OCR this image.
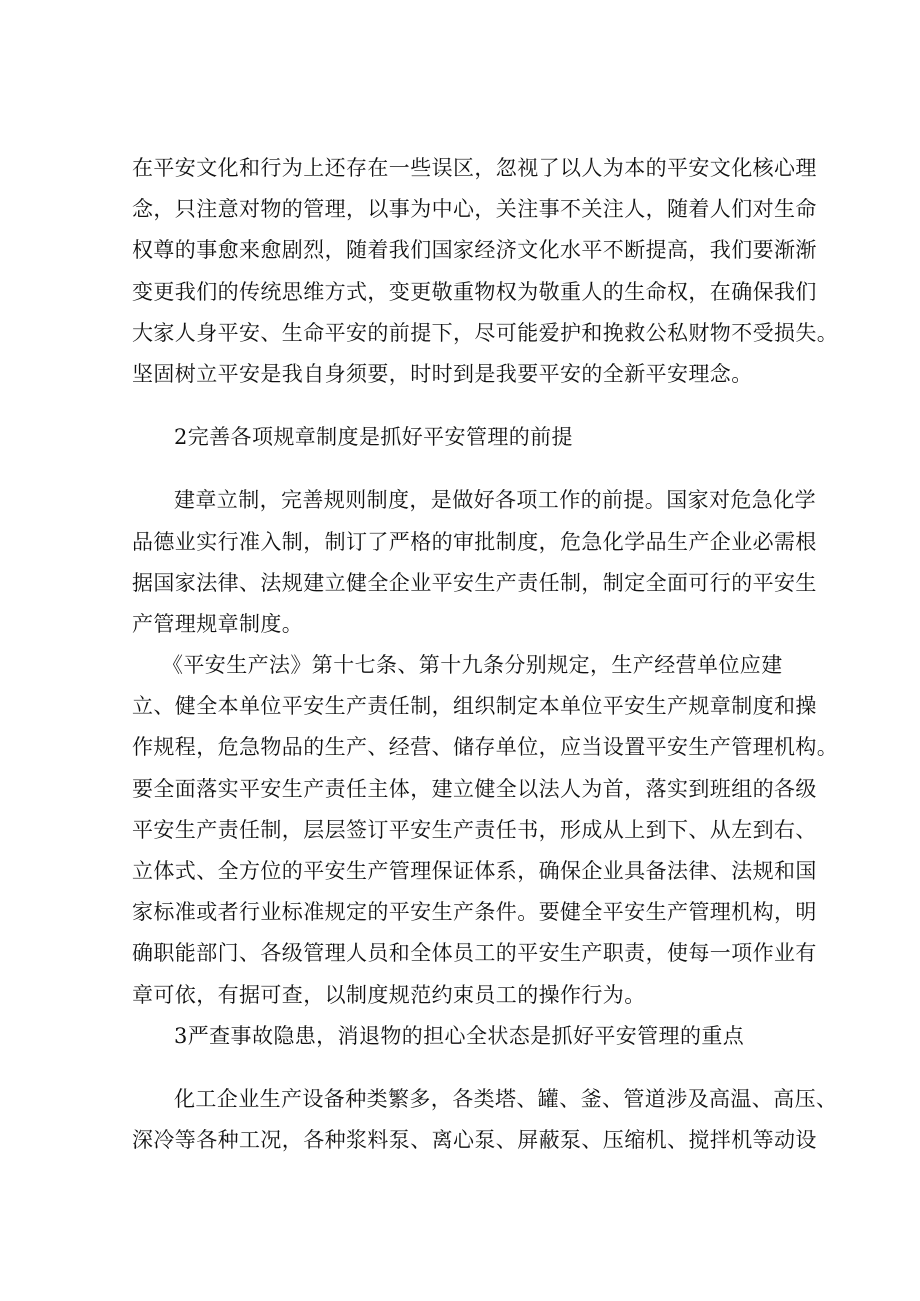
在平安文化和行为上还存在一些误区，忽视了以人为本的平安文化核心理
念，只注意对物的管理，以事为中心，关注事不关注人，随着人们对生命
权尊的事愈来愈剧烈，随着我们国家经济文化水平不断提高，我们要渐渐
变更我们的传统思维方式，变更敬重物权为敬重人的生命权，在确保我们
大家人身平安、生命平安的前提下，尽可能爱护和挽救公私财物不受损失。
坚固树立平安是我自身须要，时时到是我要平安的全新平安理念。
2完善各项规章制度是抓好平安管理的前提
建章立制，完善规则制度，是做好各项工作的前提。国家对危急化学
品德业实行准入制，制订了严格的审批制度，危急化学品生产企业必需根
据国家法律、法规建立健全企业平安生产责任制，制定全面可行的平安生
产管理规章制度。
《平安生产法》第十七条、第十九条分别规定，生产经营单位应建
立、健全本单位平安生产责任制，组织制定本单位平安生产规章制度和操
作规程，危急物品的生产、经营、储存单位，应当设置平安生产管理机构。
要全面落实平安生产责任主体，建立健全以法人为首，落实到班组的各级
平安生产责任制，层层签订平安生产责任书，形成从上到下、从左到右、
立体式、全方位的平安生产管理保证体系，确保企业具备法律、法规和国
家标准或者行业标准规定的平安生产条件。要健全平安生产管理机构，明
确职能部门、各级管理人员和全体员工的平安生产职责，使每一项作业有
章可依，有据可查，以制度规范约束员工的操作行为。
3严查事故隐患，消退物的担心全状态是抓好平安管理的重点
化工企业生产设备种类繁多，各类塔、罐、釜、管道涉及高温、高压、
深冷等各种工况，各种浆料泵、离心泵、屏蔽泵、压缩机、搅拌机等动设
